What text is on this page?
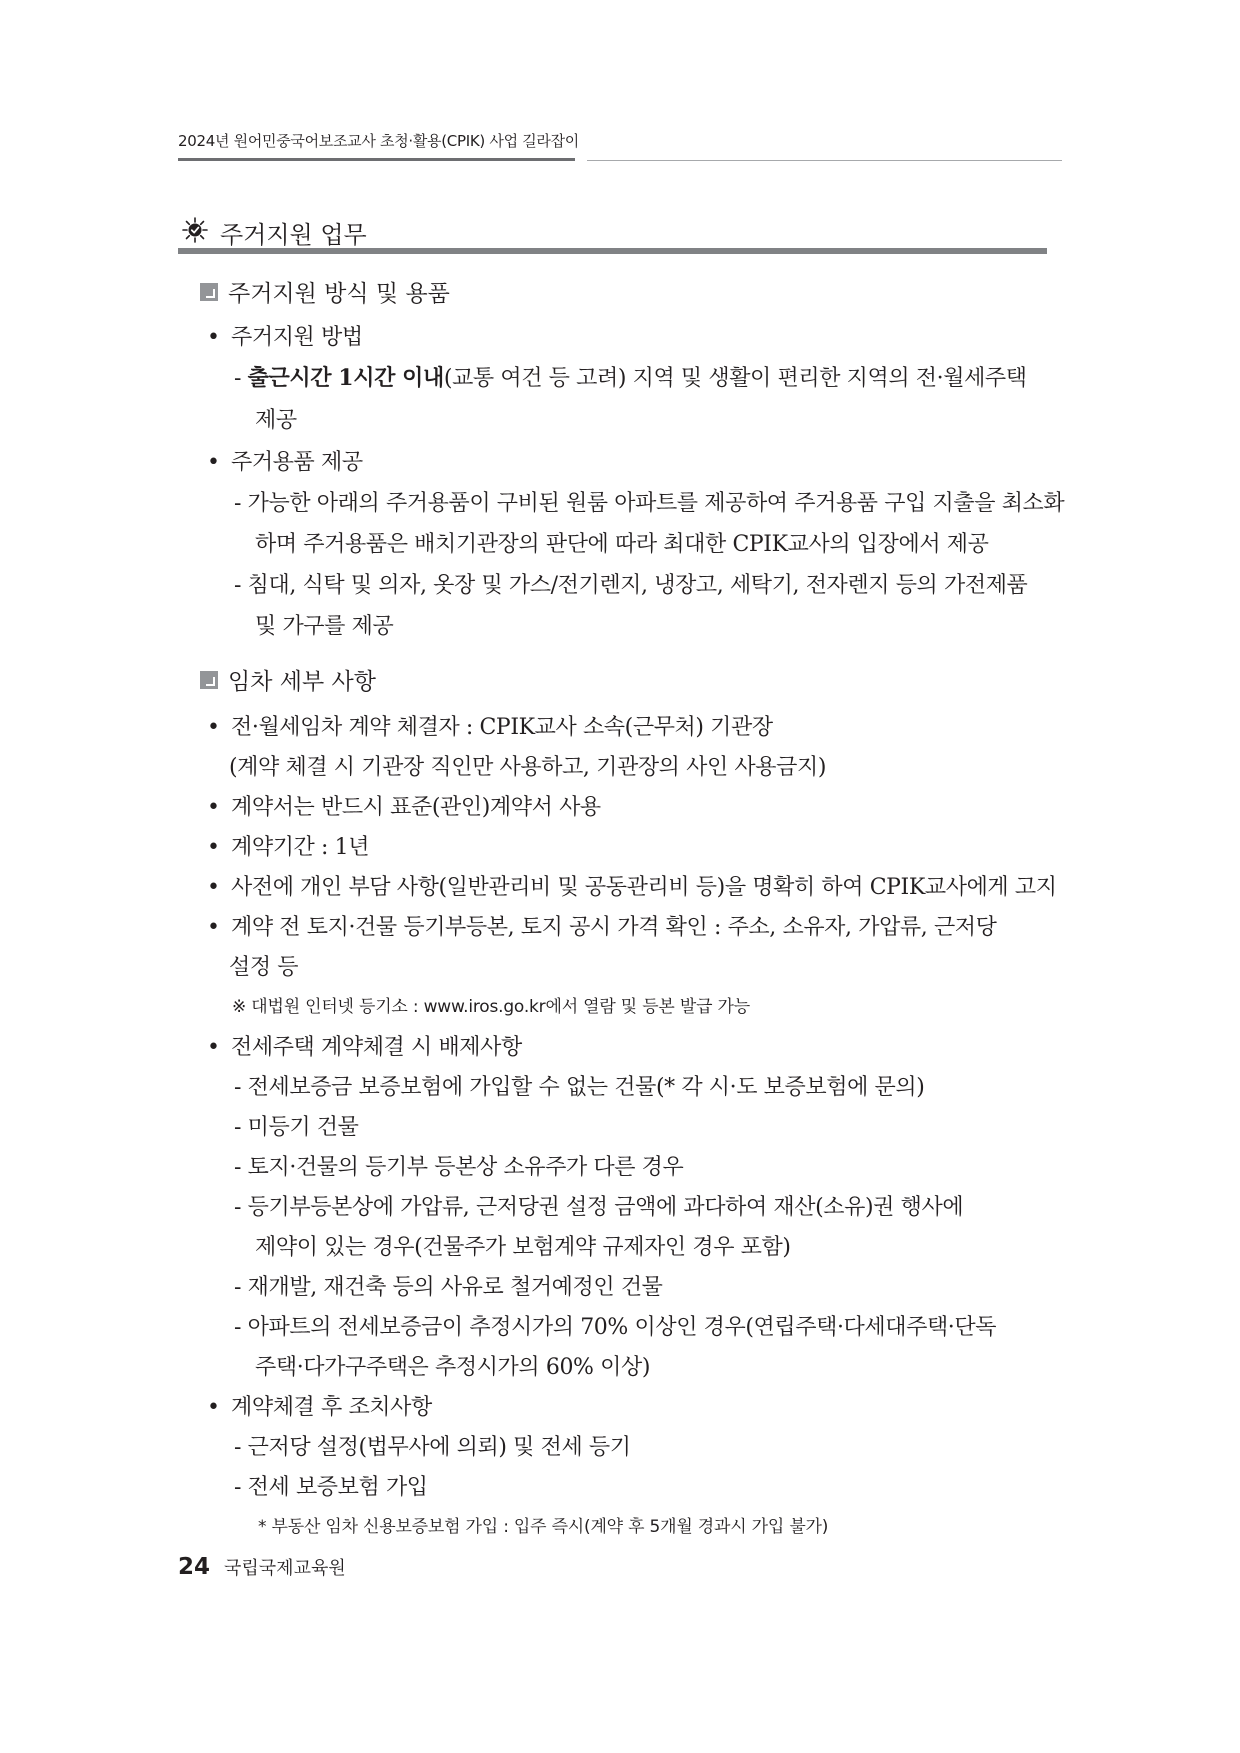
2024년 원어민중국어보조교사 초청·활용(CPIK) 사업 길라잡이
주거지원 업무
주거지원 방식 및 용품
• 주거지원 방법
- 출근시간 1시간 이내(교통 여건 등 고려) 지역 및 생활이 편리한 지역의 전·월세주택
제공
• 주거용품 제공
- 가능한 아래의 주거용품이 구비된 원룸 아파트를 제공하여 주거용품 구입 지출을 최소화
하며 주거용품은 배치기관장의 판단에 따라 최대한 CPIK교사의 입장에서 제공
- 침대, 식탁 및 의자, 옷장 및 가스/전기렌지, 냉장고, 세탁기, 전자렌지 등의 가전제품
및 가구를 제공
임차 세부 사항
• 전·월세임차 계약 체결자 : CPIK교사 소속(근무처) 기관장
(계약 체결 시 기관장 직인만 사용하고, 기관장의 사인 사용금지)
• 계약서는 반드시 표준(관인)계약서 사용
• 계약기간 : 1년
• 사전에 개인 부담 사항(일반관리비 및 공동관리비 등)을 명확히 하여 CPIK교사에게 고지
• 계약 전 토지·건물 등기부등본, 토지 공시 가격 확인 : 주소, 소유자, 가압류, 근저당
설정 등
※ 대법원 인터넷 등기소 : www.iros.go.kr에서 열람 및 등본 발급 가능
• 전세주택 계약체결 시 배제사항
- 전세보증금 보증보험에 가입할 수 없는 건물(* 각 시·도 보증보험에 문의)
- 미등기 건물
- 토지·건물의 등기부 등본상 소유주가 다른 경우
- 등기부등본상에 가압류, 근저당권 설정 금액에 과다하여 재산(소유)권 행사에
제약이 있는 경우(건물주가 보험계약 규제자인 경우 포함)
- 재개발, 재건축 등의 사유로 철거예정인 건물
- 아파트의 전세보증금이 추정시가의 70% 이상인 경우(연립주택·다세대주택·단독
주택·다가구주택은 추정시가의 60% 이상)
• 계약체결 후 조치사항
- 근저당 설정(법무사에 의뢰) 및 전세 등기
- 전세 보증보험 가입
* 부동산 임차 신용보증보험 가입 : 입주 즉시(계약 후 5개월 경과시 가입 불가)
24 국립국제교육원
